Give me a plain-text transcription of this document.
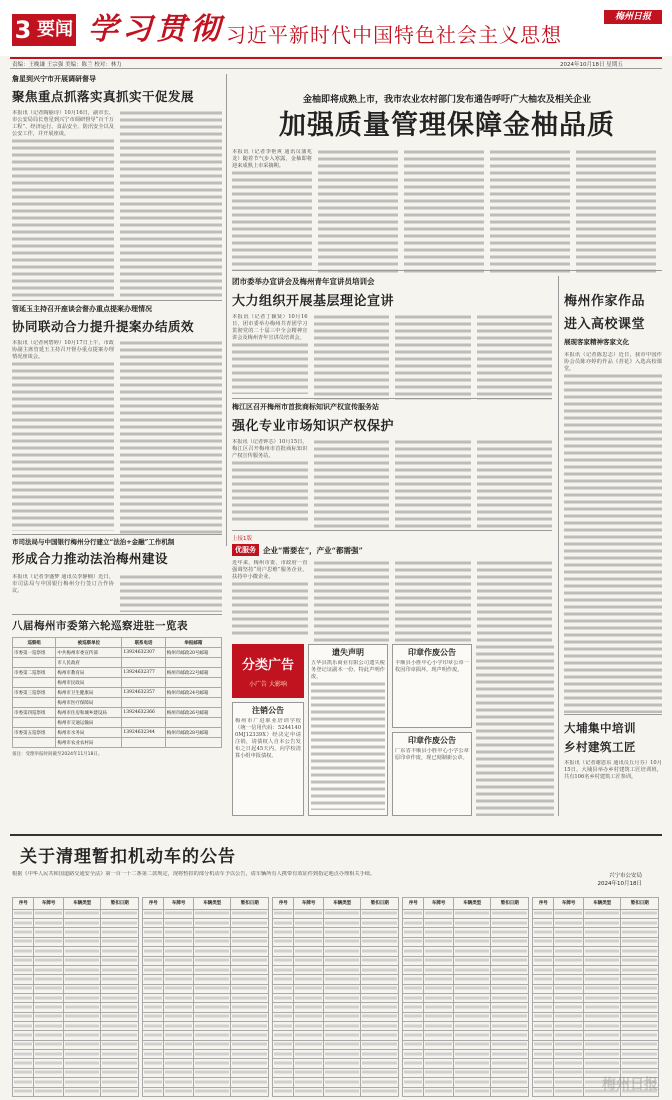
3 要闻 学习贯彻 习近平新时代中国特色社会主义思想
梅州日报
责编：王晚谦 王宗强 美编：陈兰 校对：林力	2024年10月18日 星期五
詹星到兴宁市开展调研督导
聚焦重点抓落实真抓实干促发展
本报讯（记者陶丽诗）10月16日，副市长、市公安局局长詹星到兴宁市调研督导“百千万工程”、经济运行、食品安全、防汛安全以及公安工作，并开展座谈。
金柚即将成熟上市，我市农业农村部门发布通告呼吁广大柚农及相关企业
加强质量管理保障金柚品质
本报讯（记者李艳爽 通讯员蒲兆龙）随着节气步入寒露，金柚即将迎来成熟上市采摘期。
管延玉主持召开座谈会督办重点提案办理情况
协同联动合力提升提案办结质效
本报讯（记者何碧婷）10月17日上午，市政协副主席管延玉主持召开督办重点提案办理情况座谈会。
团市委举办宣讲会及梅州青年宣讲员培训会
大力组织开展基层理论宣讲
本报讯（记者丁颖贤）10月16日，团市委举办梅州共青团学习贯彻党的二十届三中全会精神宣讲会及梅州青年宣讲员培训会。
梅州作家作品
进入高校课堂
展现客家精神客家文化
本报讯（记者陈思志）近日，我市中国作协会员陈亦婷的作品《苔花》入选高校课堂。
梅江区召开梅州市首批商标知识产权宣传服务站
强化专业市场知识产权保护
本报讯（记者钟芯）10月15日，梅江区召开梅州市首批商标知识产权宣传服务站。
市司法局与中国银行梅州分行建立“法治+金融”工作机制
形成合力推动法治梅州建设
本报讯（记者李盛梦 通讯员李静楠）近日，市司法局与中国银行梅州分行签订合作协议。
上接1版
优服务 企业“需要在”，产业“都需强”
近年来，梅州市委、市政府一直强调坚持“用户思维”服务企业，扶持中小微企业。
八届梅州市委第六轮巡察进驻一览表
巡察组	被巡察单位	联系电话	举报邮箱
市委第一巡察组	中共梅州市委宣传部	13924632307	梅州市邮政20号邮箱
	市人民政府		
市委第二巡察组	梅州市教育局	13924632377	梅州市邮政22号邮箱
	梅州市民政局		
市委第三巡察组	梅州市卫生健康局	13924632357	梅州市邮政24号邮箱
	梅州市医疗保障局		
市委第四巡察组	梅州市住房和城乡建设局	13924632366	梅州市邮政26号邮箱
	梅州市交通运输局		
市委第五巡察组	梅州市水务局	13924632344	梅州市邮政28号邮箱
	梅州市农业农村局		
备注：受理举报时间截至2024年11月18日。
分类广告
小广告 大影响
注销公告
梅州市广进职业培训学校（统一信用代码：52441400MJ12339X）经决定申请注销，请债权人自本公告发布之日起45天内，向学校清算小组申报债权。
遗失声明
五华县凯乐商业有限公司遗失税务登记证副本一份，特此声明作废。
印章作废公告
丰顺县小胜中心小学印章公章一枚因印章损坏，现声明作废。
印章作废公告
广东省丰顺县小胜中心小学公章原印章作废，现已刻制新公章。
大埔集中培训
乡村建筑工匠
本报讯（记者谢恩东 通讯员丘月芬）10月15日，大埔县举办乡村建筑工匠培训班，共有106名乡村建筑工匠参训。
关于清理暂扣机动车的公告
根据《中华人民共和国道路交通安全法》第一百一十二条第二款规定，现将暂扣的部分机动车予以公告，请车辆所有人携带有效证件到指定地点办理相关手续。	兴宁市公安局
2024年10月18日
序号	车牌号	车辆类型	暂扣日期

		序号	车牌号	车辆类型	暂扣日期

		序号	车牌号	车辆类型	暂扣日期

		序号	车牌号	车辆类型	暂扣日期

		序号	车牌号	车辆类型	暂扣日期

梅州日报
